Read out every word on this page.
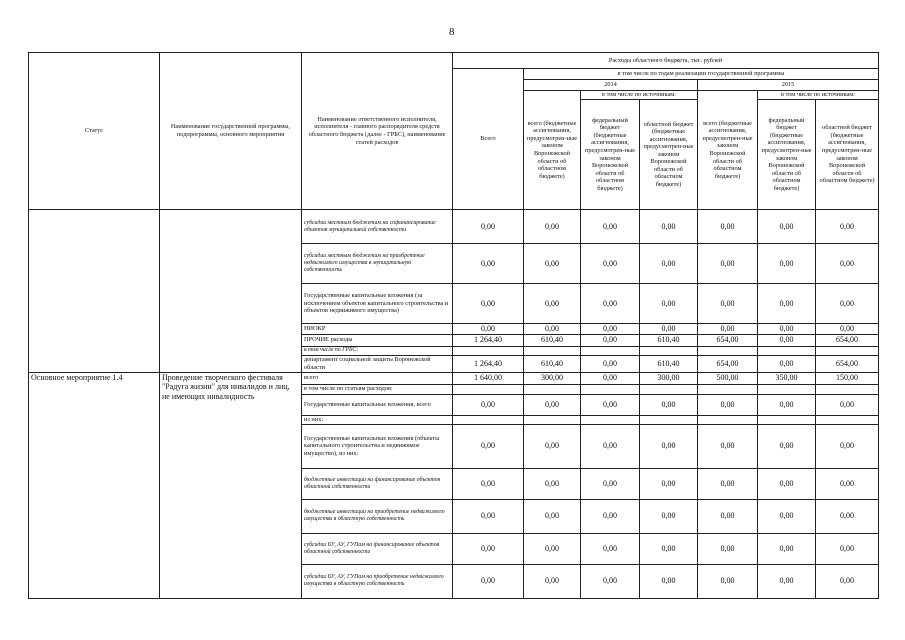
8
Статус	Наименование государственной программы, подпрограммы, основного мероприятия	Наименование ответственного исполнителя, исполнителя - главного распорядителя средств областного бюджета (далее - ГРБС), наименование статей расходов	Расходы областного бюджета, тыс. рублей						
			Всего	в том числе по годам реализации государственной программы					
				2014			2015		
				всего (бюджетные ассигнования, предусмотрен-ные законом Воронежской области об областном бюджете)	в том числе по источникам:		всего (бюджетные ассигнования, предусмотрен-ные законом Воронежской области об областном бюджете)	в том числе по источникам:	
					федеральный бюджет (бюджетные ассигнования, предусмотрен-ные законом Воронежской области об областном бюджете)	областной бюджет (бюджетные ассигнования, предусмотрен-ные законом Воронежской области об областном бюджете)		федеральный бюджет (бюджетные ассигнования, предусмотрен-ные законом Воронежской области об областном бюджете)	областной бюджет (бюджетные ассигнования, предусмотрен-ные законом Воронежской области об областном бюджете)
		субсидии местным бюджетам на софинансирование объектов муниципальной собственности	0,00	0,00	0,00	0,00	0,00	0,00	0,00
		субсидии местным бюджетам на приобретение недвижимого имущества в муниципальную собственность	0,00	0,00	0,00	0,00	0,00	0,00	0,00
		Государственные капитальные вложения (за исключением объектов капитального строительства и объектов недвижимого имущества)	0,00	0,00	0,00	0,00	0,00	0,00	0,00
		НИОКР	0,00	0,00	0,00	0,00	0,00	0,00	0,00
		ПРОЧИЕ расходы	1 264,40	610,40	0,00	610,40	654,00	0,00	654,00
		в том числе по ГРБС:							
		департамент социальной защиты Воронежской области	1 264,40	610,40	0,00	610,40	654,00	0,00	654,00
Основное мероприятие 1.4	Проведение творческого фестиваля "Радуга жизни" для инвалидов и лиц, не имеющих инвалидность	всего	1 640,00	300,00	0,00	300,00	500,00	350,00	150,00
		в том числе по статьям расходов:							
		Государственные капитальные вложения, всего	0,00	0,00	0,00	0,00	0,00	0,00	0,00
		из них:							
		Государственные капитальные вложения (объекты капитального строительства и недвижимое имущество), из них:	0,00	0,00	0,00	0,00	0,00	0,00	0,00
		бюджетные инвестиции на финансирование объектов областной собственности	0,00	0,00	0,00	0,00	0,00	0,00	0,00
		бюджетные инвестиции на приобретение недвижимого имущества в областную собственность	0,00	0,00	0,00	0,00	0,00	0,00	0,00
		субсидии БУ, АУ, ГУПам на финансирование объектов областной собственности	0,00	0,00	0,00	0,00	0,00	0,00	0,00
		субсидии БУ, АУ, ГУПам на приобретение недвижимого имущества в областную собственность	0,00	0,00	0,00	0,00	0,00	0,00	0,00
